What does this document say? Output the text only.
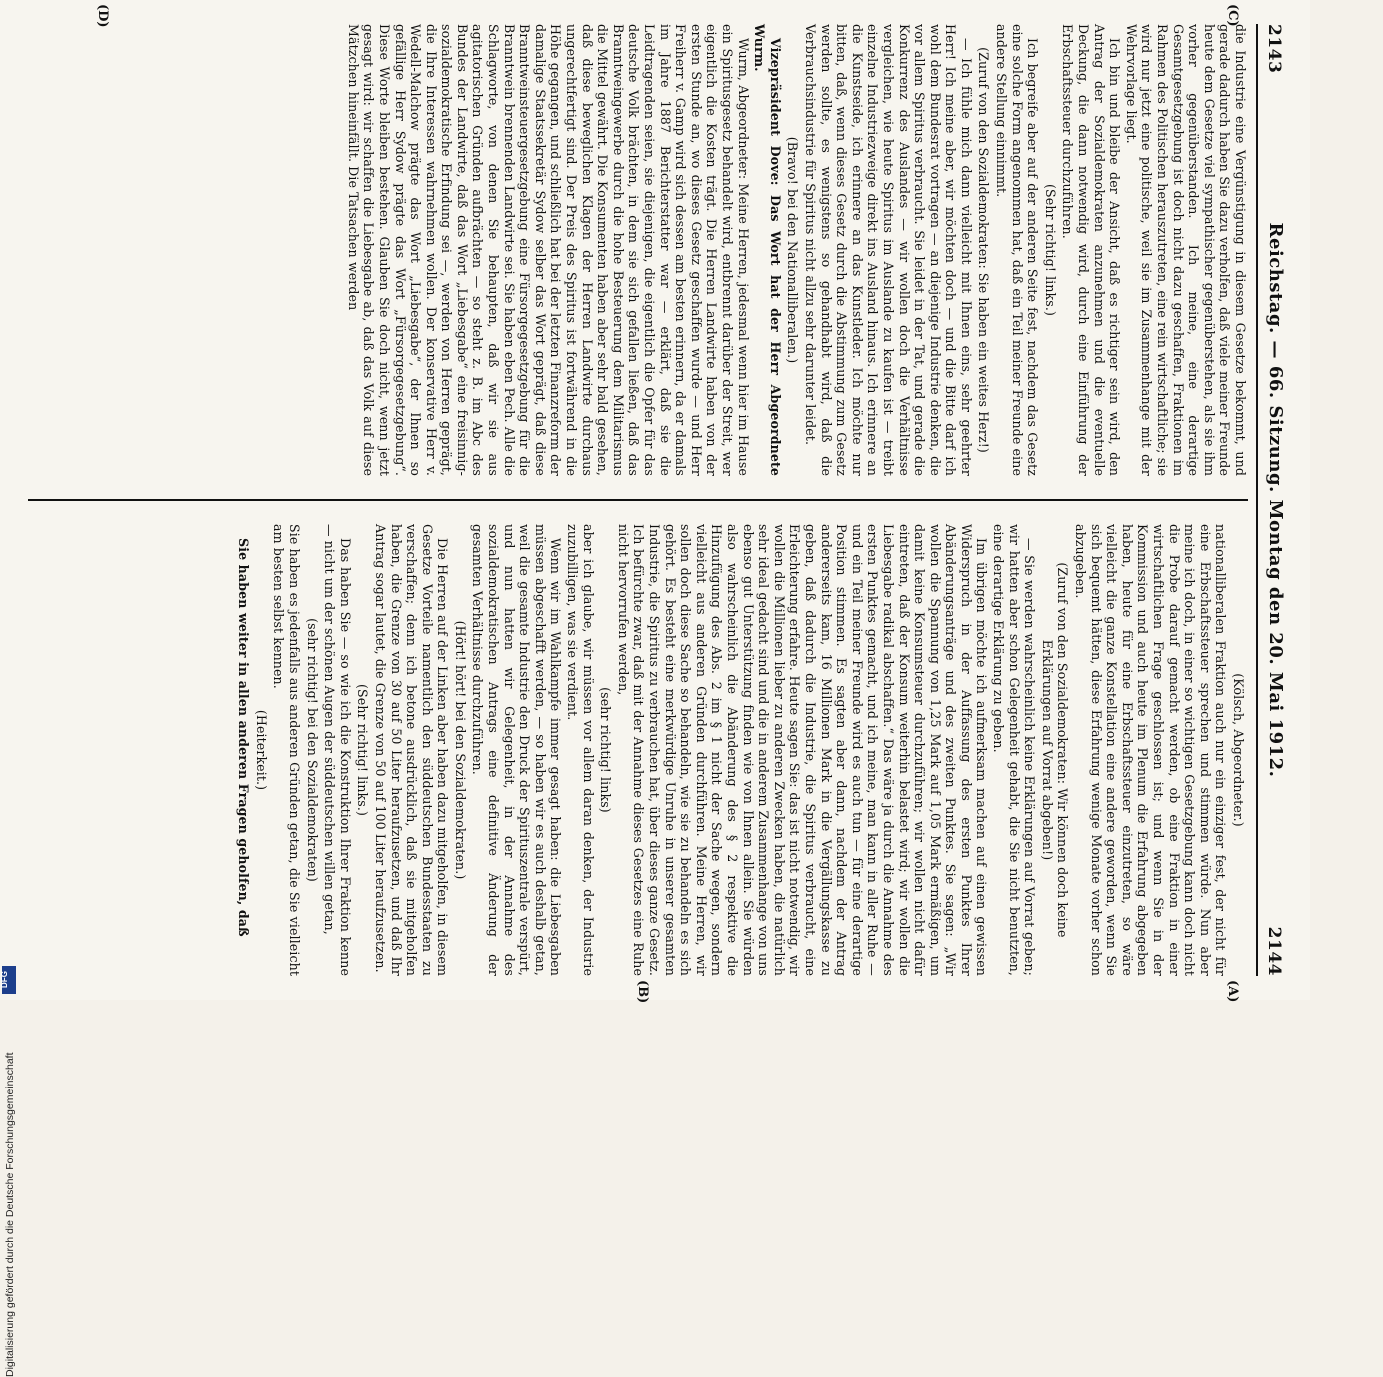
2143
Reichstag. — 66. Sitzung. Montag den 20. Mai 1912.
2144
(C)
(D)
(A)
(B)

die Industrie eine Vergünstigung in diesem Gesetze bekommt, und gerade dadurch haben Sie dazu verholfen, daß viele meiner Freunde heute dem Gesetze viel sympathischer gegenüberstehen, als sie ihm vorher gegenüberstanden. Ich meine, eine derartige Gesamtgesetzgebung ist doch nicht dazu geschaffen, Fraktionen im Rahmen des Politischen herauszutreten, eine rein wirtschaftliche; sie wird nur jetzt eine politische, weil sie im Zusammenhange mit der Wehrvorlage liegt.

Ich bin und bleibe der Ansicht, daß es richtiger sein wird, den Antrag der Sozialdemokraten anzunehmen und die eventuelle Deckung, die dann notwendig wird, durch eine Einführung der Erbschaftssteuer durchzuführen.

(Sehr richtig! links.)

Ich begreife aber auf der anderen Seite fest, nachdem das Gesetz eine solche Form angenommen hat, daß ein Teil meiner Freunde eine andere Stellung einnimmt.

(Zuruf von den Sozialdemokraten: Sie haben ein weites Herz!)

— Ich fühle mich dann vielleicht mit Ihnen eins, sehr geehrter Herr! Ich meine aber, wir möchten doch — und die Bitte darf ich wohl dem Bundesrat vortragen — an diejenige Industrie denken, die vor allem Spiritus verbraucht. Sie leidet in der Tat, und gerade die Konkurrenz des Auslandes — wir wollen doch die Verhältnisse vergleichen, wie heute Spiritus im Auslande zu kaufen ist — treibt einzelne Industriezweige direkt ins Ausland hinaus. Ich erinnere an die Kunstseide, ich erinnere an das Kunstleder. Ich möchte nur bitten, daß, wenn dieses Gesetz durch die Abstimmung zum Gesetz werden sollte, es wenigstens so gehandhabt wird, daß die Verbrauchsindustrie für Spiritus nicht allzu sehr darunter leidet.

(Bravo! bei den Nationalliberalen.)

Vizepräsident Dove: Das Wort hat der Herr Abgeordnete Wurm.

Wurm, Abgeordneter: Meine Herren, jedesmal wenn hier im Hause ein Spiritusgesetz behandelt wird, entbrennt darüber der Streit, wer eigentlich die Kosten trägt. Die Herren Landwirte haben von der ersten Stunde an, wo dieses Gesetz geschaffen wurde — und Herr Freiherr v. Gamp wird sich dessen am besten erinnern, da er damals im Jahre 1887 Berichterstatter war — erklärt, daß sie die Leidtragenden seien, sie diejenigen, die eigentlich die Opfer für das deutsche Volk brächten, in dem sie sich gefallen ließen, daß das Branntweingewerbe durch die hohe Besteuerung dem Militarismus die Mittel gewährt. Die Konsumenten haben aber sehr bald gesehen, daß diese beweglichen Klagen der Herren Landwirte durchaus ungerechtfertigt sind. Der Preis des Spiritus ist fortwährend in die Höhe gegangen, und schließlich hat bei der letzten Finanzreform der damalige Staatssekretär Sydow selber das Wort geprägt, daß diese Branntweinsteuergesetzgebung eine Fürsorgegesetzgebung für die Branntwein brennenden Landwirte sei. Sie haben eben Pech. Alle die Schlagworte, von denen Sie behaupten, daß wir sie aus agitatorischen Gründen aufbrächten — so steht z. B. im Abc des Bundes der Landwirte, daß das Wort „Liebesgabe“ eine freisinnig-sozialdemokratische Erfindung sei —, werden von Herren geprägt, die Ihre Interessen wahrnehmen wollen. Der konservative Herr v. Wedell-Malchow prägte das Wort „Liebesgabe“, der Ihnen so gefällige Herr Sydow prägte das Wort „Fürsorgegesetzgebung“. Diese Worte bleiben bestehen. Glauben Sie doch nicht, wenn jetzt gesagt wird: wir schaffen die Liebesgabe ab, daß das Volk auf diese Mätzchen hineinfällt. Die Tatsachen werden

(Kölsch, Abgeordneter.)

nationalliberalen Fraktion auch nur ein einziger fest, der nicht für eine Erbschaftssteuer sprechen und stimmen würde. Nun aber meine ich doch, in einer so wichtigen Gesetzgebung kann doch nicht die Probe darauf gemacht werden, ob eine Fraktion in einer wirtschaftlichen Frage geschlossen ist; und wenn Sie in der Kommission und auch heute im Plenum die Erfahrung abgegeben haben, heute für eine Erbschaftssteuer einzutreten, so wäre vielleicht die ganze Konstellation eine andere geworden, wenn Sie sich bequemt hätten, diese Erfahrung wenige Monate vorher schon abzugeben.

(Zuruf von den Sozialdemokraten: Wir können doch keine Erklärungen auf Vorrat abgeben!)

— Sie werden wahrscheinlich keine Erklärungen auf Vorrat geben; wir hatten aber schon Gelegenheit gehabt, die Sie nicht benutzten, eine derartige Erklärung zu geben.

Im übrigen möchte ich aufmerksam machen auf einen gewissen Widerspruch in der Auffassung des ersten Punktes Ihrer Abänderungsanträge und des zweiten Punktes. Sie sagen: „Wir wollen die Spannung von 1,25 Mark auf 1,05 Mark ermäßigen, um damit keine Konsumsteuer durchzuführen; wir wollen nicht dafür eintreten, daß der Konsum weiterhin belastet wird; wir wollen die Liebesgabe radikal abschaffen.“ Das wäre ja durch die Annahme des ersten Punktes gemacht, und ich meine, man kann in aller Ruhe — und ein Teil meiner Freunde wird es auch tun — für eine derartige Position stimmen. Es sagten aber dann, nachdem der Antrag andererseits kam, 16 Millionen Mark in die Vergällungskasse zu geben, daß dadurch die Industrie, die Spiritus verbraucht, eine Erleichterung erfahre. Heute sagen Sie: das ist nicht notwendig, wir wollen die Millionen lieber zu anderen Zwecken haben, die natürlich sehr ideal gedacht sind und die in anderem Zusammenhange von uns ebenso gut Unterstützung finden wie von Ihnen allein. Sie würden also wahrscheinlich die Abänderung des § 2 respektive die Hinzufügung des Abs. 2 im § 1 nicht der Sache wegen, sondern vielleicht aus anderen Gründen durchführen. Meine Herren, wir sollen doch diese Sache so behandeln, wie sie zu behandeln es sich gehört. Es besteht eine merkwürdige Unruhe in unserer gesamten Industrie, die Spiritus zu verbrauchen hat, über dieses ganze Gesetz. Ich befürchte zwar, daß mit der Annahme dieses Gesetzes eine Ruhe nicht hervorrufen werden,

(sehr richtig! links)

aber ich glaube, wir müssen vor allem daran denken, der Industrie zuzubilligen, was sie verdient.

Wenn wir im Wahlkampfe immer gesagt haben: die Liebesgaben müssen abgeschafft werden, — so haben wir es auch deshalb getan, weil die gesamte Industrie den Druck der Spirituszentrale verspürt, und nun hatten wir Gelegenheit, in der Annahme des sozialdemokratischen Antrags eine definitive Änderung der gesamten Verhältnisse durchzuführen.

(Hört! hört! bei den Sozialdemokraten.)

Die Herren auf der Linken aber haben dazu mitgeholfen, in diesem Gesetze Vorteile namentlich den süddeutschen Bundesstaaten zu verschaffen; denn ich betone ausdrücklich, daß sie mitgeholfen haben, die Grenze von 30 auf 50 Liter heraufzusetzen, und daß Ihr Antrag sogar lautet, die Grenze von 50 auf 100 Liter heraufzusetzen.

(Sehr richtig! links.)

Das haben Sie — so wie ich die Konstruktion Ihrer Fraktion kenne — nicht um der schönen Augen der süddeutschen willen getan,

(sehr richtig! bei den Sozialdemokraten)

Sie haben es jedenfalls aus anderen Gründen getan, die Sie vielleicht am besten selbst kennen.

(Heiterkeit.)

Sie haben weiter in allen anderen Fragen geholfen, daß

Digitalisierung gefördert durch die Deutsche Forschungsgemeinschaft
DFG
